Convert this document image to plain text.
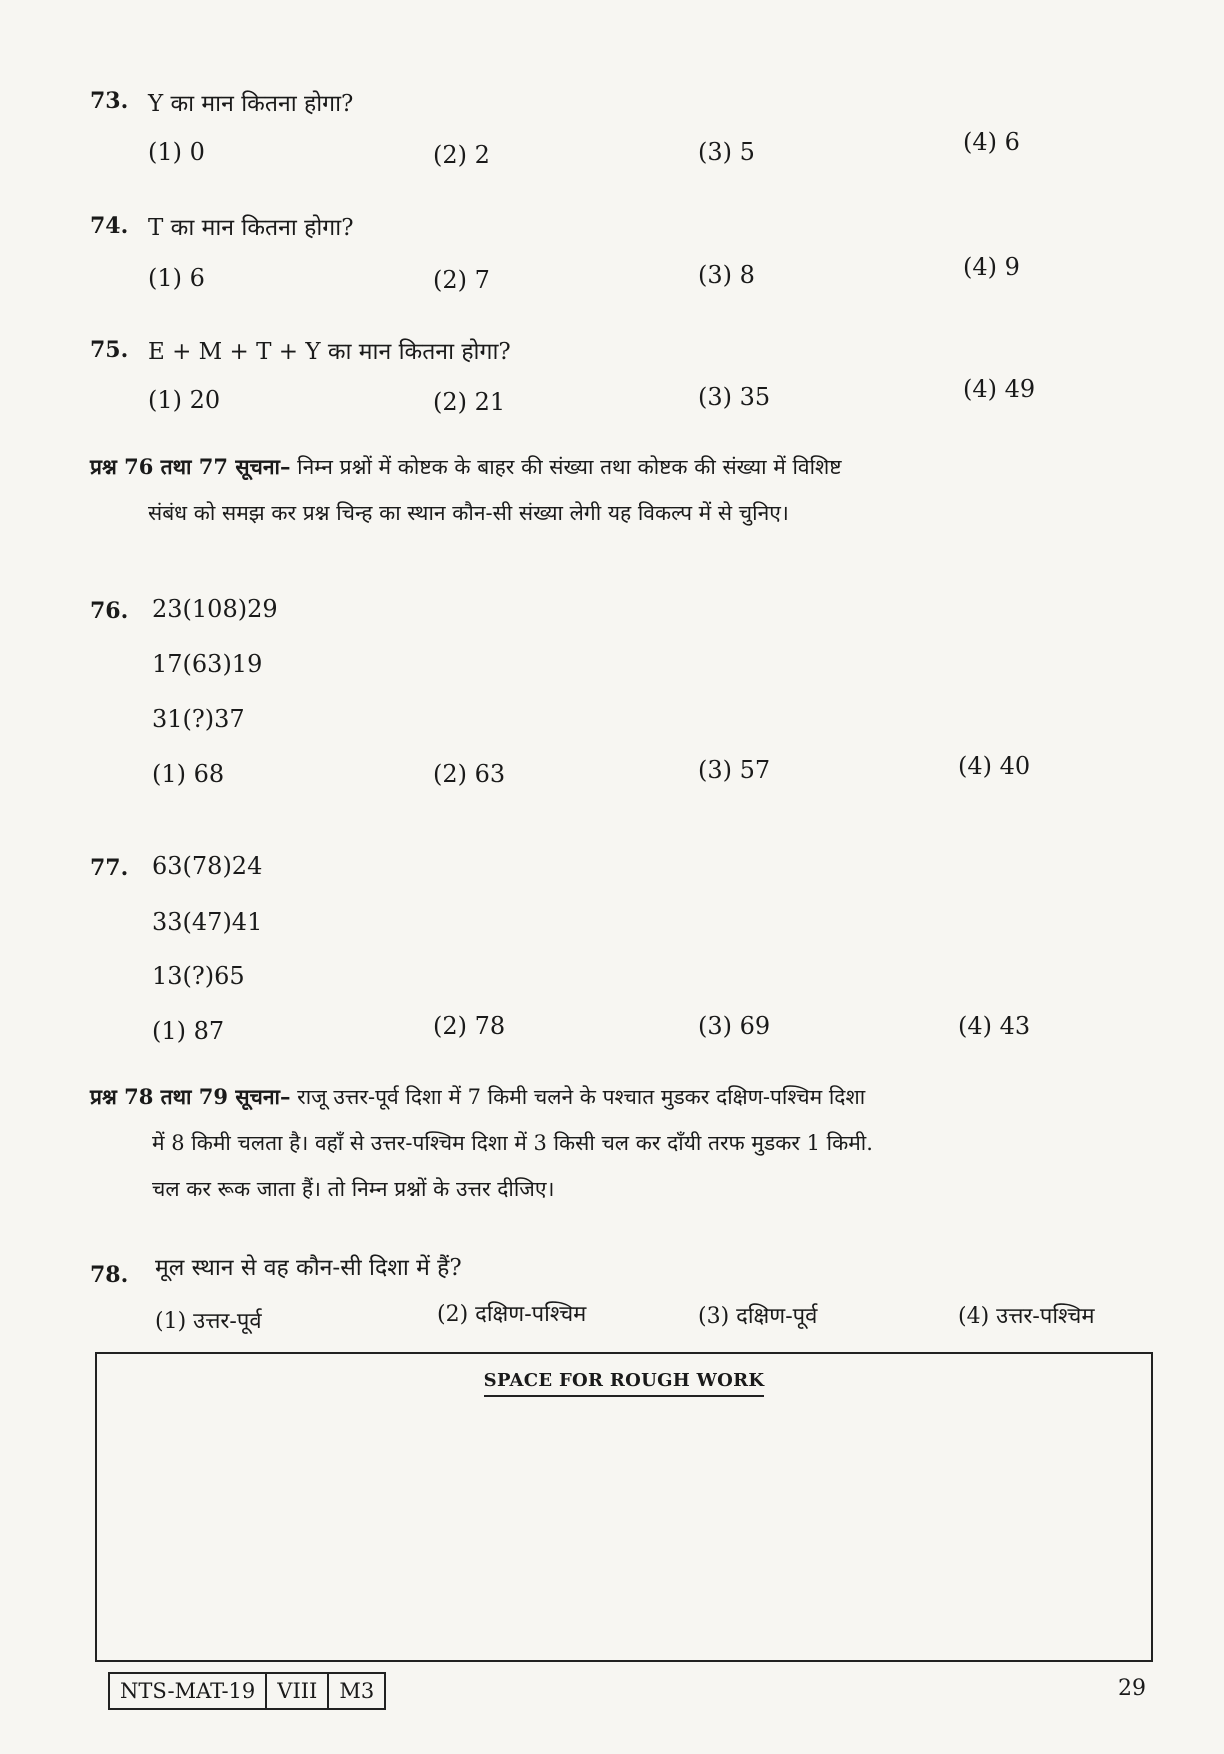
73. Y का मान कितना होगा?
(1) 0	(2) 2	(3) 5	(4) 6
74. T का मान कितना होगा?
(1) 6	(2) 7	(3) 8	(4) 9
75. E + M + T + Y का मान कितना होगा?
(1) 20	(2) 21	(3) 35	(4) 49
प्रश्न 76 तथा 77 सूचना– निम्न प्रश्नों में कोष्टक के बाहर की संख्या तथा कोष्टक की संख्या में विशिष्ट
संबंध को समझ कर प्रश्न चिन्ह का स्थान कौन-सी संख्या लेगी यह विकल्प में से चुनिए।
76. 23(108)29
17(63)19
31(?)37
(1) 68	(2) 63	(3) 57	(4) 40
77. 63(78)24
33(47)41
13(?)65
(1) 87	(2) 78	(3) 69	(4) 43
प्रश्न 78 तथा 79 सूचना– राजू उत्तर-पूर्व दिशा में 7 किमी चलने के पश्चात मुडकर दक्षिण-पश्चिम दिशा
में 8 किमी चलता है। वहाँ से उत्तर-पश्चिम दिशा में 3 किसी चल कर दाँयी तरफ मुडकर 1 किमी.
चल कर रूक जाता हैं। तो निम्न प्रश्नों के उत्तर दीजिए।
78. मूल स्थान से वह कौन-सी दिशा में हैं?
(1) उत्तर-पूर्व	(2) दक्षिण-पश्चिम	(3) दक्षिण-पूर्व	(4) उत्तर-पश्चिम
SPACE FOR ROUGH WORK
NTS-MAT-19	VIII	M3	29
